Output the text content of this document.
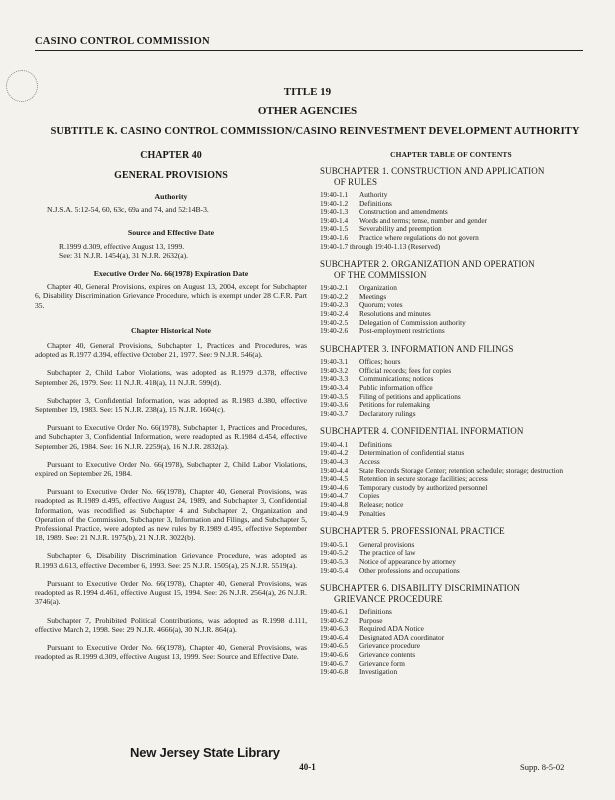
CASINO CONTROL COMMISSION
TITLE 19
OTHER AGENCIES
SUBTITLE K. CASINO CONTROL COMMISSION/CASINO REINVESTMENT DEVELOPMENT AUTHORITY
CHAPTER 40
GENERAL PROVISIONS
Authority

N.J.S.A. 5:12-54, 60, 63c, 69a and 74, and 52:14B-3.

Source and Effective Date

R.1999 d.309, effective August 13, 1999.
See: 31 N.J.R. 1454(a), 31 N.J.R. 2632(a).

Executive Order No. 66(1978) Expiration Date

Chapter 40, General Provisions, expires on August 13, 2004, except for Subchapter 6, Disability Discrimination Grievance Procedure, which is exempt under 28 C.F.R. Part 35.

Chapter Historical Note

Chapter 40, General Provisions, Subchapter 1, Practices and Procedures, was adopted as R.1977 d.394, effective October 21, 1977. See: 9 N.J.R. 546(a).

Subchapter 2, Child Labor Violations, was adopted as R.1979 d.378, effective September 26, 1979. See: 11 N.J.R. 418(a), 11 N.J.R. 599(d).

Subchapter 3, Confidential Information, was adopted as R.1983 d.380, effective September 19, 1983. See: 15 N.J.R. 238(a), 15 N.J.R. 1604(c).

Pursuant to Executive Order No. 66(1978), Subchapter 1, Practices and Procedures, and Subchapter 3, Confidential Information, were readopted as R.1984 d.454, effective September 26, 1984. See: 16 N.J.R. 2259(a), 16 N.J.R. 2832(a).

Pursuant to Executive Order No. 66(1978), Subchapter 2, Child Labor Violations, expired on September 26, 1984.

Pursuant to Executive Order No. 66(1978), Chapter 40, General Provisions, was readopted as R.1989 d.495, effective August 24, 1989, and Subchapter 3, Confidential Information, was recodified as Subchapter 4 and Subchapter 2, Organization and Operation of the Commission, Subchapter 3, Information and Filings, and Subchapter 5, Professional Practice, were adopted as new rules by R.1989 d.495, effective September 18, 1989. See: 21 N.J.R. 1975(b), 21 N.J.R. 3022(b).

Subchapter 6, Disability Discrimination Grievance Procedure, was adopted as R.1993 d.613, effective December 6, 1993. See: 25 N.J.R. 1505(a), 25 N.J.R. 5519(a).

Pursuant to Executive Order No. 66(1978), Chapter 40, General Provisions, was readopted as R.1994 d.461, effective August 15, 1994. See: 26 N.J.R. 2564(a), 26 N.J.R. 3746(a).

Subchapter 7, Prohibited Political Contributions, was adopted as R.1998 d.111, effective March 2, 1998. See: 29 N.J.R. 4666(a), 30 N.J.R. 864(a).

Pursuant to Executive Order No. 66(1978), Chapter 40, General Provisions, was readopted as R.1999 d.309, effective August 13, 1999. See: Source and Effective Date.

CHAPTER TABLE OF CONTENTS
SUBCHAPTER 1. CONSTRUCTION AND APPLICATION
OF RULES
19:40-1.1	Authority
19:40-1.2	Definitions
19:40-1.3	Construction and amendments
19:40-1.4	Words and terms; tense, number and gender
19:40-1.5	Severability and preemption
19:40-1.6	Practice where regulations do not govern
19:40-1.7 through 19:40-1.13 (Reserved)
SUBCHAPTER 2. ORGANIZATION AND OPERATION
OF THE COMMISSION
19:40-2.1	Organization
19:40-2.2	Meetings
19:40-2.3	Quorum; votes
19:40-2.4	Resolutions and minutes
19:40-2.5	Delegation of Commission authority
19:40-2.6	Post-employment restrictions
SUBCHAPTER 3. INFORMATION AND FILINGS
19:40-3.1	Offices; hours
19:40-3.2	Official records; fees for copies
19:40-3.3	Communications; notices
19:40-3.4	Public information office
19:40-3.5	Filing of petitions and applications
19:40-3.6	Petitions for rulemaking
19:40-3.7	Declaratory rulings
SUBCHAPTER 4. CONFIDENTIAL INFORMATION
19:40-4.1	Definitions
19:40-4.2	Determination of confidential status
19:40-4.3	Access
19:40-4.4	State Records Storage Center; retention schedule; storage; destruction
19:40-4.5	Retention in secure storage facilities; access
19:40-4.6	Temporary custody by authorized personnel
19:40-4.7	Copies
19:40-4.8	Release; notice
19:40-4.9	Penalties
SUBCHAPTER 5. PROFESSIONAL PRACTICE
19:40-5.1	General provisions
19:40-5.2	The practice of law
19:40-5.3	Notice of appearance by attorney
19:40-5.4	Other professions and occupations
SUBCHAPTER 6. DISABILITY DISCRIMINATION
GRIEVANCE PROCEDURE
19:40-6.1	Definitions
19:40-6.2	Purpose
19:40-6.3	Required ADA Notice
19:40-6.4	Designated ADA coordinator
19:40-6.5	Grievance procedure
19:40-6.6	Grievance contents
19:40-6.7	Grievance form
19:40-6.8	Investigation
New Jersey State Library
40-1	Supp. 8-5-02
